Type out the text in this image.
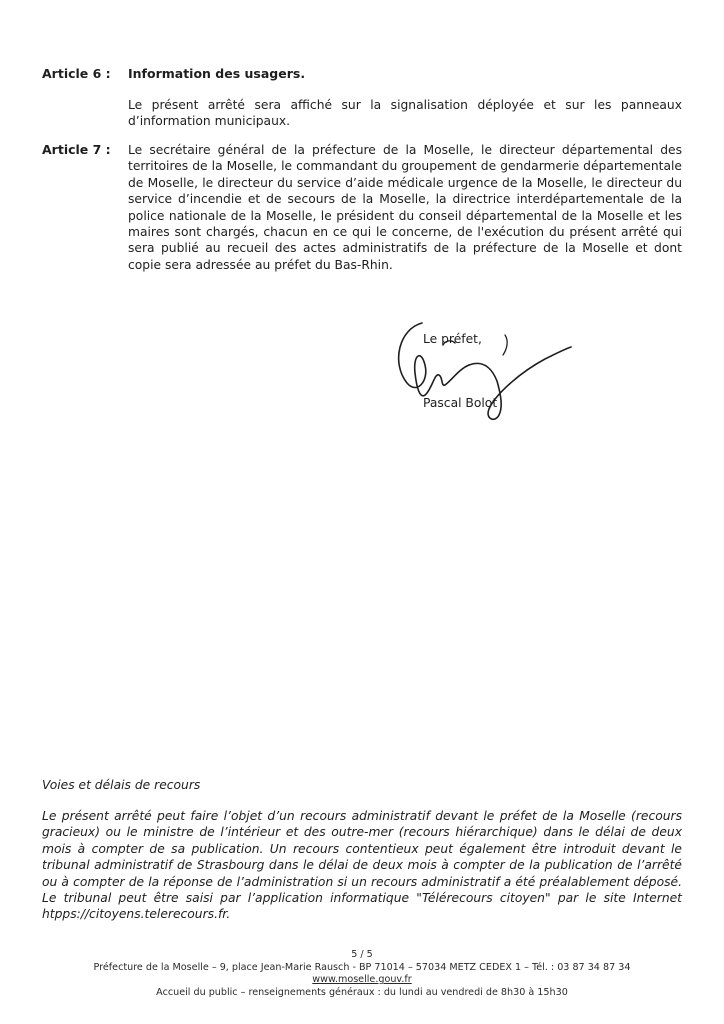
Article 6 : Information des usagers.
Le présent arrêté sera affiché sur la signalisation déployée et sur les panneaux d’information municipaux.
Article 7 : Le secrétaire général de la préfecture de la Moselle, le directeur départemental des territoires de la Moselle, le commandant du groupement de gendarmerie départementale de Moselle, le directeur du service d’aide médicale urgence de la Moselle, le directeur du service d’incendie et de secours de la Moselle, la directrice interdépartementale de la police nationale de la Moselle, le président du conseil départemental de la Moselle et les maires sont chargés, chacun en ce qui le concerne, de l'exécution du présent arrêté qui sera publié au recueil des actes administratifs de la préfecture de la Moselle et dont copie sera adressée au préfet du Bas-Rhin.
Le préfet,
Pascal Bolot
Voies et délais de recours
Le présent arrêté peut faire l’objet d’un recours administratif devant le préfet de la Moselle (recours gracieux) ou le ministre de l’intérieur et des outre-mer (recours hiérarchique) dans le délai de deux mois à compter de sa publication. Un recours contentieux peut également être introduit devant le tribunal administratif de Strasbourg dans le délai de deux mois à compter de la publication de l’arrêté ou à compter de la réponse de l’administration si un recours administratif a été préalablement déposé. Le tribunal peut être saisi par l’application informatique "Télérecours citoyen" par le site Internet htpps://citoyens.telerecours.fr.
5 / 5
Préfecture de la Moselle – 9, place Jean-Marie Rausch - BP 71014 – 57034 METZ CEDEX 1 – Tél. : 03 87 34 87 34
www.moselle.gouv.fr
Accueil du public – renseignements généraux : du lundi au vendredi de 8h30 à 15h30
